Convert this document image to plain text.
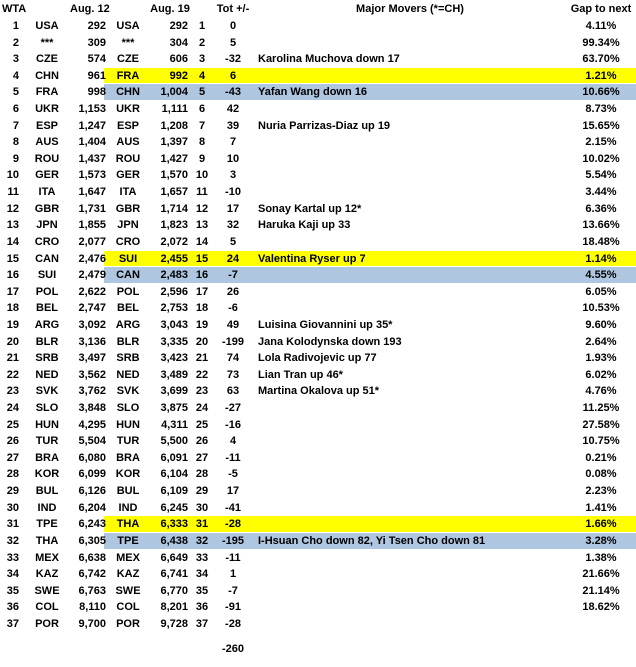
WTA	Aug. 12	Aug. 19	Tot +/-	Major Movers (*=CH)	Gap to next
1	USA	292 USA	292 1	0	4.11%
2	***	309	***	304 2	5	99.34%
3	CZE	574	CZE	606 3	-32	Karolina Muchova down 17	63.70%
4	CHN	961 FRA	992 4	6	1.21%
5	FRA	998 CHN	1,004 5	-43	Yafan Wang down 16	10.66%
6	UKR	1,153 UKR	1,111 6	42	8.73%
7	ESP	1,247 ESP	1,208 7	39	Nuria Parrizas-Diaz up 19	15.65%
8	AUS	1,404 AUS	1,397 8	7	2.15%
9	ROU	1,437 ROU	1,427 9	10	10.02%
10	GER	1,573 GER	1,570 10	3	5.54%
11	ITA	1,647	ITA	1,657 11	-10	3.44%
12	GBR	1,731 GBR	1,714 12	17	Sonay Kartal up 12*	6.36%
13	JPN	1,855	JPN	1,823 13	32	Haruka Kaji up 33	13.66%
14	CRO	2,077 CRO	2,072 14	5	18.48%
15	CAN	2,476	SUI	2,455 15	24	Valentina Ryser up 7	1.14%
16	SUI	2,479 CAN	2,483 16	-7	4.55%
17	POL	2,622 POL	2,596 17	26	6.05%
18	BEL	2,747	BEL	2,753 18	-6	10.53%
19	ARG	3,092 ARG	3,043 19	49	Luisina Giovannini up 35*	9.60%
20	BLR	3,136 BLR	3,335 20	-199	Jana Kolodynska down 193	2.64%
21	SRB	3,497 SRB	3,423 21	74	Lola Radivojevic up 77	1.93%
22	NED	3,562 NED	3,489 22	73	Lian Tran up 46*	6.02%
23	SVK	3,762 SVK	3,699 23	63	Martina Okalova up 51*	4.76%
24	SLO	3,848 SLO	3,875 24	-27	11.25%
25	HUN	4,295 HUN	4,311 25	-16	27.58%
26	TUR	5,504 TUR	5,500 26	4	10.75%
27	BRA	6,080 BRA	6,091 27	-11	0.21%
28	KOR	6,099 KOR	6,104 28	-5	0.08%
29	BUL	6,126 BUL	6,109 29	17	2.23%
30	IND	6,204	IND	6,245 30	-41	1.41%
31	TPE	6,243 THA	6,333 31	-28	1.66%
32	THA	6,305	TPE	6,438 32	-195	I-Hsuan Cho down 82, Yi Tsen Cho down 81	3.28%
33	MEX	6,638 MEX	6,649 33	-11	1.38%
34	KAZ	6,742 KAZ	6,741 34	1	21.66%
35	SWE	6,763 SWE	6,770 35	-7	21.14%
36	COL	8,110 COL	8,201 36	-91	18.62%
37	POR	9,700 POR	9,728 37	-28
-260
